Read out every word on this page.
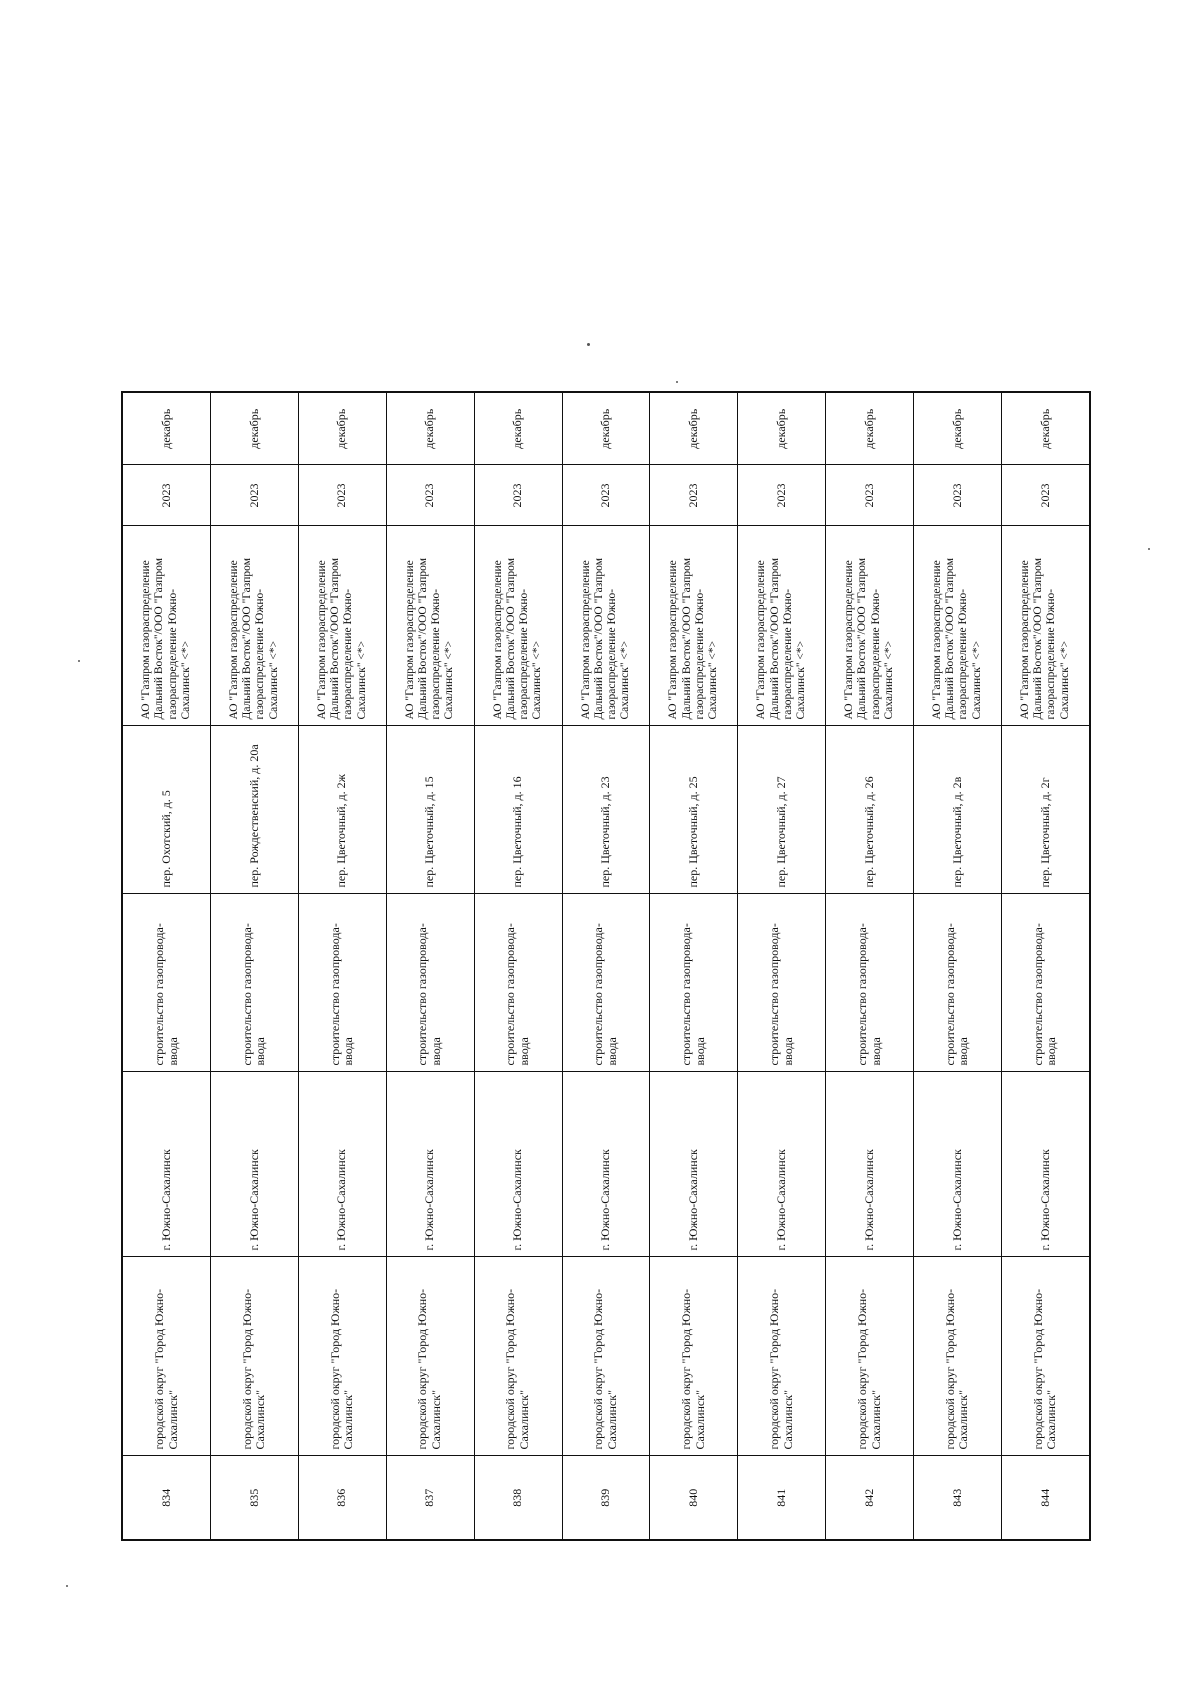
834	городской округ "Город Южно-Сахалинск"	г. Южно-Сахалинск	строительство газопровода-ввода	пер. Охотский, д. 5	АО "Газпром газораспределение Дальний Восток"/ООО "Газпром газораспределение Южно-Сахалинск" <*>	2023	декабрь
835	городской округ "Город Южно-Сахалинск"	г. Южно-Сахалинск	строительство газопровода-ввода	пер. Рождественский, д. 20а	АО "Газпром газораспределение Дальний Восток"/ООО "Газпром газораспределение Южно-Сахалинск" <*>	2023	декабрь
836	городской округ "Город Южно-Сахалинск"	г. Южно-Сахалинск	строительство газопровода-ввода	пер. Цветочный, д. 2ж	АО "Газпром газораспределение Дальний Восток"/ООО "Газпром газораспределение Южно-Сахалинск" <*>	2023	декабрь
837	городской округ "Город Южно-Сахалинск"	г. Южно-Сахалинск	строительство газопровода-ввода	пер. Цветочный, д. 15	АО "Газпром газораспределение Дальний Восток"/ООО "Газпром газораспределение Южно-Сахалинск" <*>	2023	декабрь
838	городской округ "Город Южно-Сахалинск"	г. Южно-Сахалинск	строительство газопровода-ввода	пер. Цветочный, д. 16	АО "Газпром газораспределение Дальний Восток"/ООО "Газпром газораспределение Южно-Сахалинск" <*>	2023	декабрь
839	городской округ "Город Южно-Сахалинск"	г. Южно-Сахалинск	строительство газопровода-ввода	пер. Цветочный, д. 23	АО "Газпром газораспределение Дальний Восток"/ООО "Газпром газораспределение Южно-Сахалинск" <*>	2023	декабрь
840	городской округ "Город Южно-Сахалинск"	г. Южно-Сахалинск	строительство газопровода-ввода	пер. Цветочный, д. 25	АО "Газпром газораспределение Дальний Восток"/ООО "Газпром газораспределение Южно-Сахалинск" <*>	2023	декабрь
841	городской округ "Город Южно-Сахалинск"	г. Южно-Сахалинск	строительство газопровода-ввода	пер. Цветочный, д. 27	АО "Газпром газораспределение Дальний Восток"/ООО "Газпром газораспределение Южно-Сахалинск" <*>	2023	декабрь
842	городской округ "Город Южно-Сахалинск"	г. Южно-Сахалинск	строительство газопровода-ввода	пер. Цветочный, д. 26	АО "Газпром газораспределение Дальний Восток"/ООО "Газпром газораспределение Южно-Сахалинск" <*>	2023	декабрь
843	городской округ "Город Южно-Сахалинск"	г. Южно-Сахалинск	строительство газопровода-ввода	пер. Цветочный, д. 2в	АО "Газпром газораспределение Дальний Восток"/ООО "Газпром газораспределение Южно-Сахалинск" <*>	2023	декабрь
844	городской округ "Город Южно-Сахалинск"	г. Южно-Сахалинск	строительство газопровода-ввода	пер. Цветочный, д. 2г	АО "Газпром газораспределение Дальний Восток"/ООО "Газпром газораспределение Южно-Сахалинск" <*>	2023	декабрь
